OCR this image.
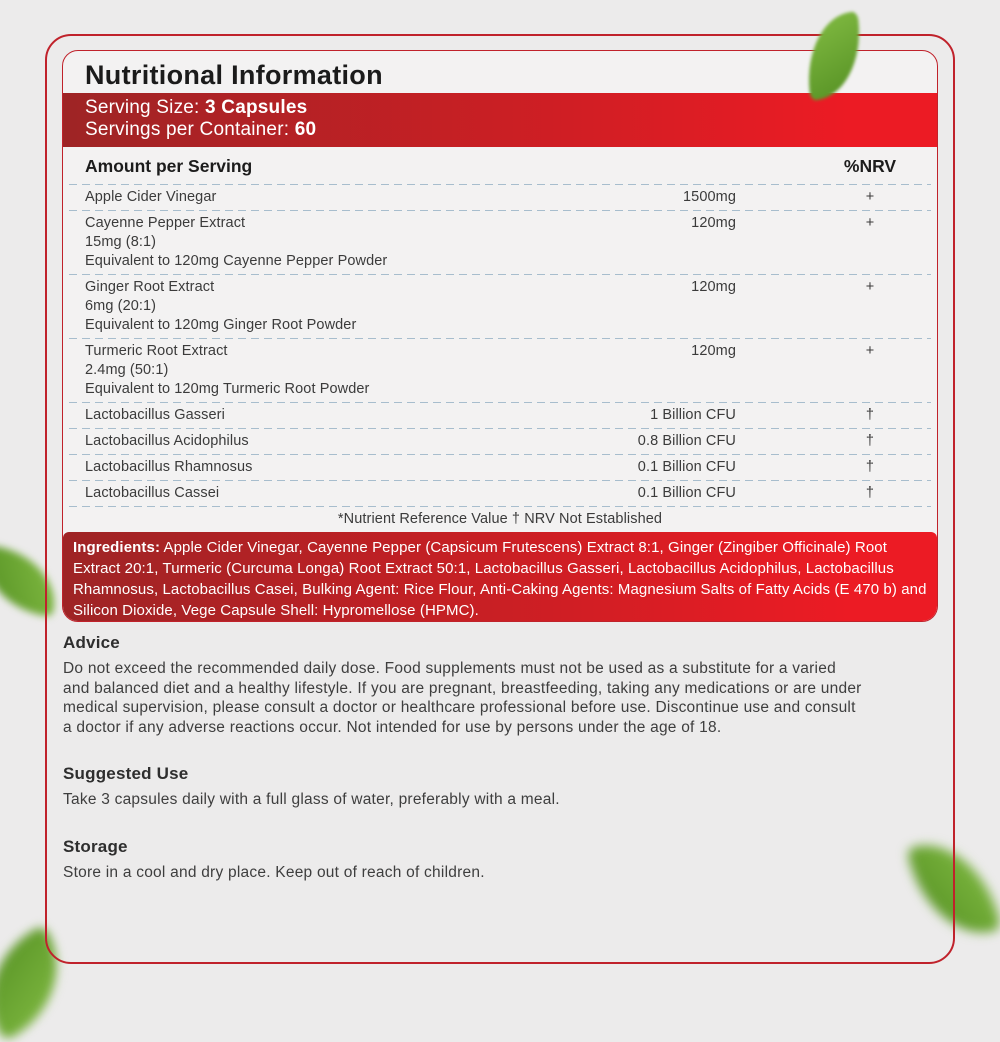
Nutritional Information
Serving Size: 3 Capsules
Servings per Container: 60
Amount per Serving	%NRV
Apple Cider Vinegar	1500mg	+
Cayenne Pepper Extract	120mg	+
15mg (8:1)
Equivalent to 120mg Cayenne Pepper Powder
Ginger Root Extract	120mg	+
6mg (20:1)
Equivalent to 120mg Ginger Root Powder
Turmeric Root Extract	120mg	+
2.4mg (50:1)
Equivalent to 120mg Turmeric Root Powder
Lactobacillus Gasseri	1 Billion CFU	†
Lactobacillus Acidophilus	0.8 Billion CFU	†
Lactobacillus Rhamnosus	0.1 Billion CFU	†
Lactobacillus Cassei	0.1 Billion CFU	†
*Nutrient Reference Value † NRV Not Established
Ingredients: Apple Cider Vinegar, Cayenne Pepper (Capsicum Frutescens) Extract 8:1, Ginger (Zingiber Officinale) Root Extract 20:1, Turmeric (Curcuma Longa) Root Extract 50:1, Lactobacillus Gasseri, Lactobacillus Acidophilus, Lactobacillus Rhamnosus, Lactobacillus Casei, Bulking Agent: Rice Flour, Anti-Caking Agents: Magnesium Salts of Fatty Acids (E 470 b) and Silicon Dioxide, Vege Capsule Shell: Hypromellose (HPMC).
Advice

Do not exceed the recommended daily dose. Food supplements must not be used as a substitute for a varied and balanced diet and a healthy lifestyle. If you are pregnant, breastfeeding, taking any medications or are under medical supervision, please consult a doctor or healthcare professional before use. Discontinue use and consult a doctor if any adverse reactions occur. Not intended for use by persons under the age of 18.

Suggested Use

Take 3 capsules daily with a full glass of water, preferably with a meal.

Storage

Store in a cool and dry place. Keep out of reach of children.
